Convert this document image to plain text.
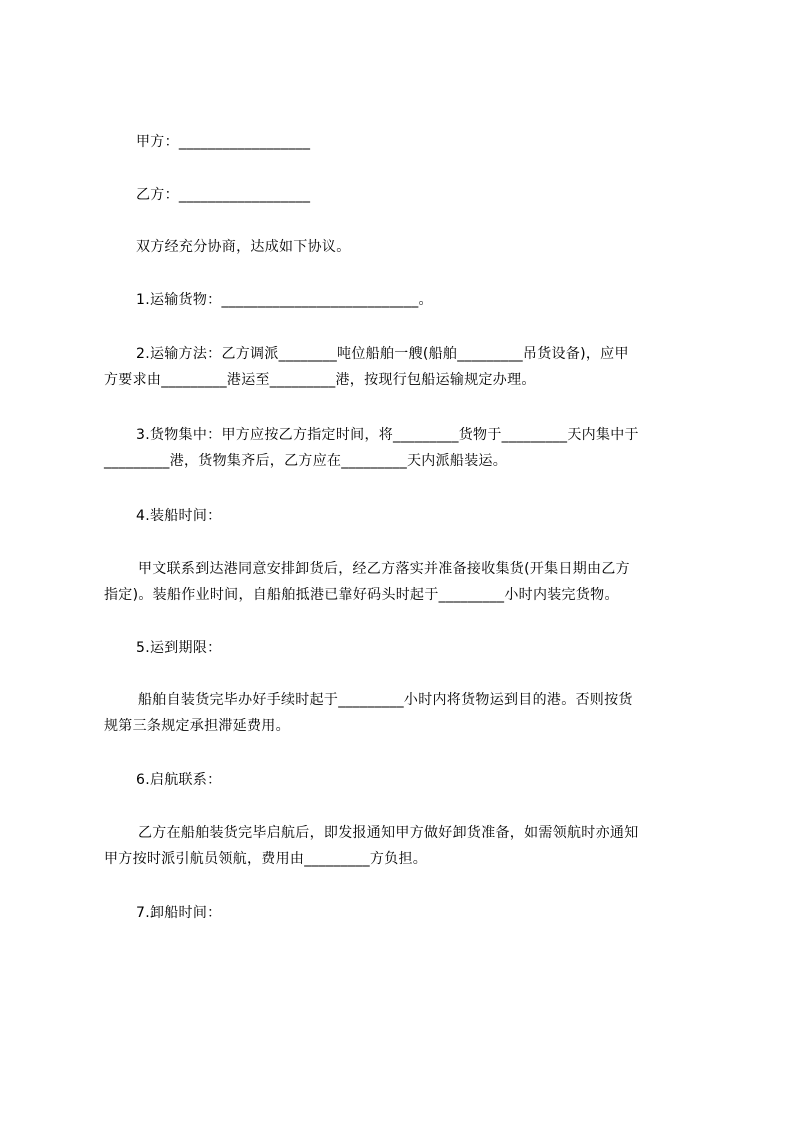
甲方：__________________
乙方：__________________
双方经充分协商，达成如下协议。
1.运输货物：___________________________。
2.运输方法：乙方调派________吨位船舶一艘(船舶_________吊货设备)，应甲
方要求由_________港运至_________港，按现行包船运输规定办理。
3.货物集中：甲方应按乙方指定时间，将_________货物于_________天内集中于
_________港，货物集齐后，乙方应在_________天内派船装运。
4.装船时间：
甲文联系到达港同意安排卸货后，经乙方落实并准备接收集货(开集日期由乙方
指定)。装船作业时间，自船舶抵港已靠好码头时起于_________小时内装完货物。
5.运到期限：
船舶自装货完毕办好手续时起于_________小时内将货物运到目的港。否则按货
规第三条规定承担滞延费用。
6.启航联系：
乙方在船舶装货完毕启航后，即发报通知甲方做好卸货准备，如需领航时亦通知
甲方按时派引航员领航，费用由_________方负担。
7.卸船时间：
